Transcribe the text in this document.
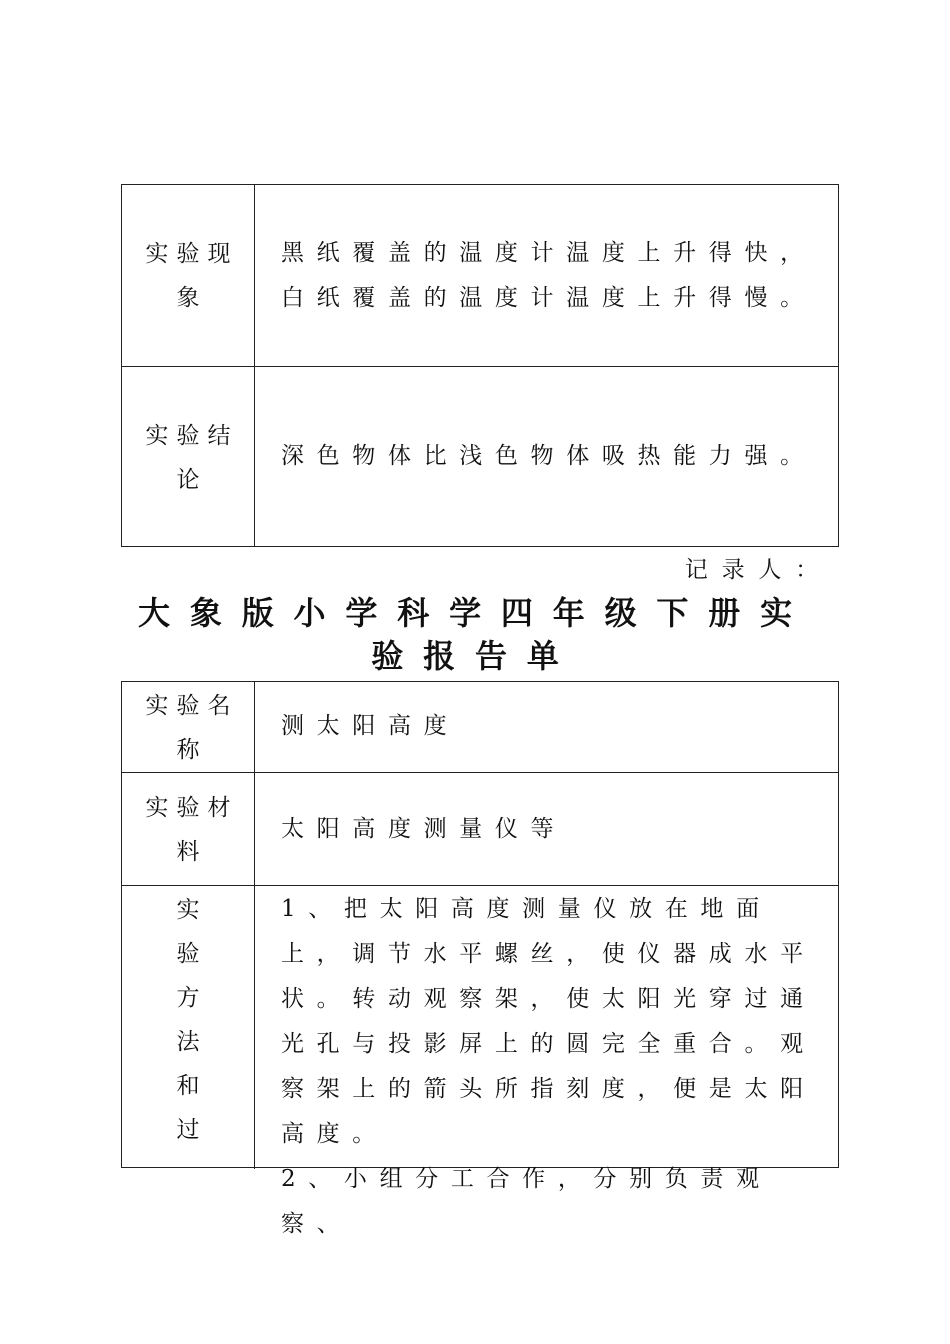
实验现象
黑纸覆盖的温度计温度上升得快，白纸覆盖的温度计温度上升得慢。
实验结论
深色物体比浅色物体吸热能力强。
记录人：
大象版小学科学四年级下册实验报告单
实验名称
测太阳高度
实验材料
太阳高度测量仪等
实验方法和过
1、把太阳高度测量仪放在地面上，调节水平螺丝，使仪器成水平状。转动观察架，使太阳光穿过通光孔与投影屏上的圆完全重合。观察架上的箭头所指刻度，便是太阳高度。
2、小组分工合作，分别负责观察、
